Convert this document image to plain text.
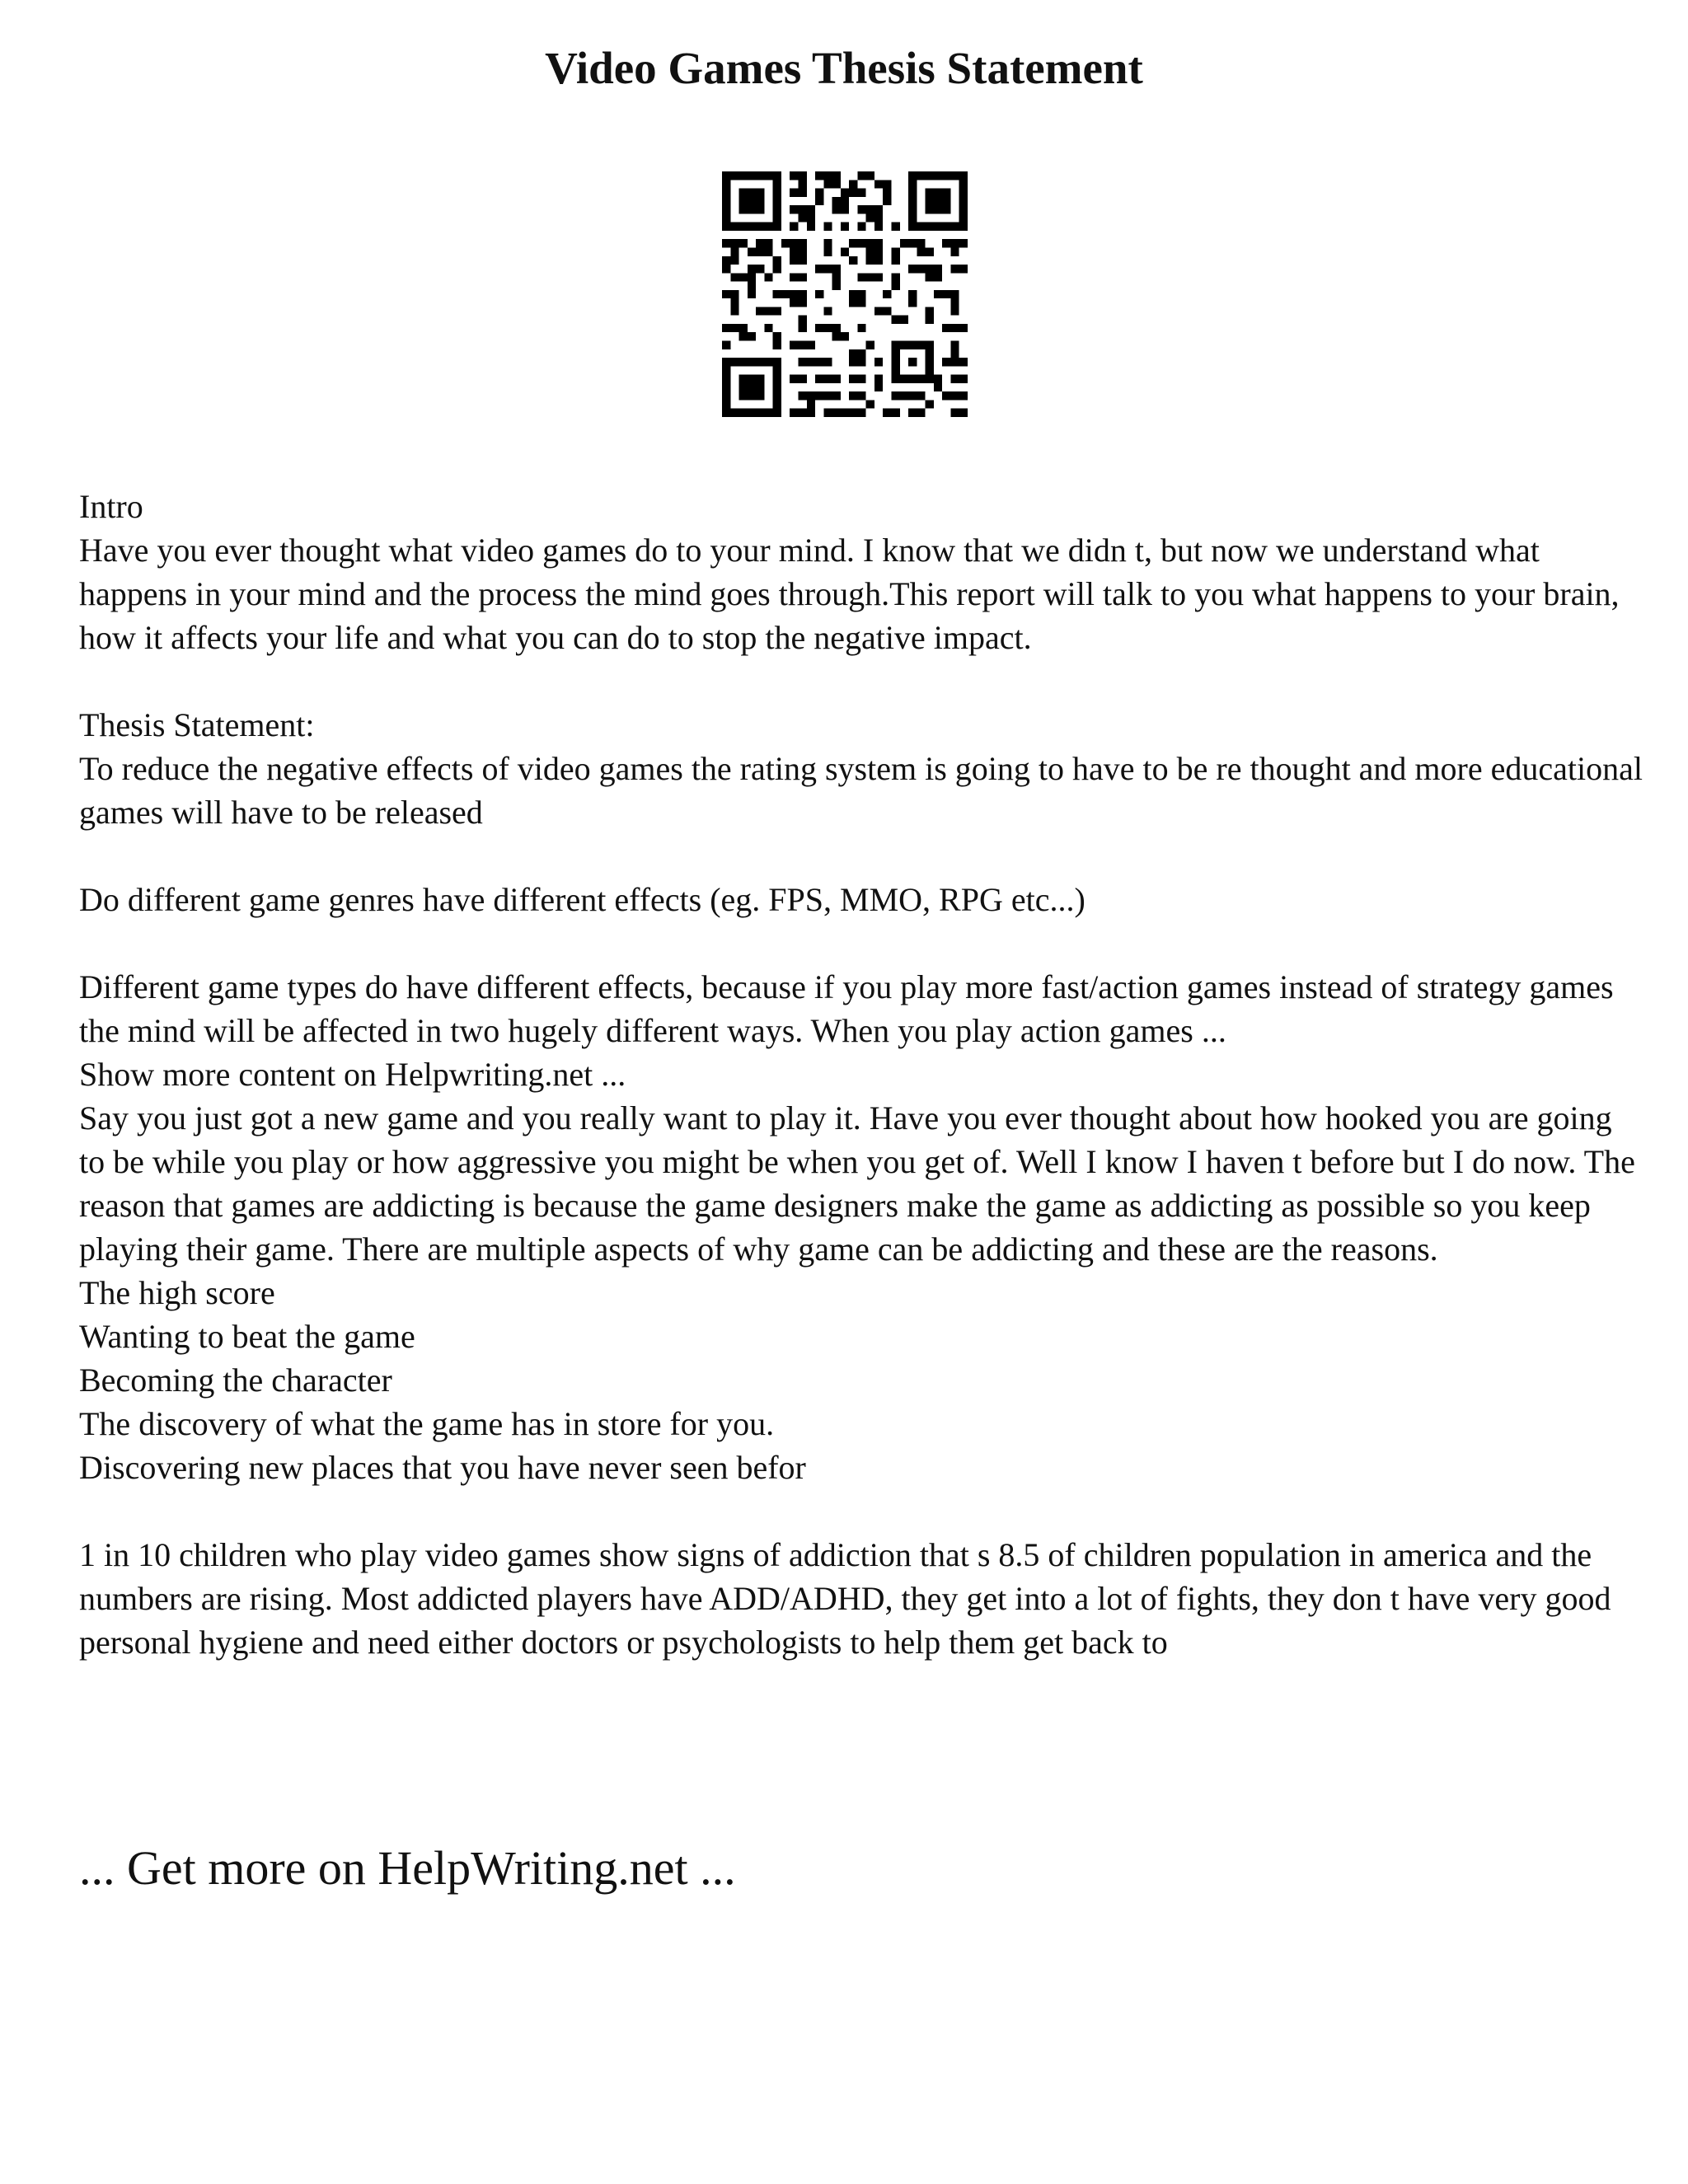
Video Games Thesis Statement

Intro

Have you ever thought what video games do to your mind. I know that we didn t, but now we understand what happens in your mind and the process the mind goes through.This report will talk to you what happens to your brain, how it affects your life and what you can do to stop the negative impact.

Thesis Statement:

To reduce the negative effects of video games the rating system is going to have to be re thought and more educational games will have to be released

Do different game genres have different effects (eg. FPS, MMO, RPG etc...)

Different game types do have different effects, because if you play more fast/action games instead of strategy games the mind will be affected in two hugely different ways. When you play action games ...

Show more content on Helpwriting.net ...

Say you just got a new game and you really want to play it. Have you ever thought about how hooked you are going to be while you play or how aggressive you might be when you get of. Well I know I haven t before but I do now. The reason that games are addicting is because the game designers make the game as addicting as possible so you keep playing their game. There are multiple aspects of why game can be addicting and these are the reasons.

The high score

Wanting to beat the game

Becoming the character

The discovery of what the game has in store for you.

Discovering new places that you have never seen befor

1 in 10 children who play video games show signs of addiction that s 8.5 of children population in america and the numbers are rising. Most addicted players have ADD/ADHD, they get into a lot of fights, they don t have very good personal hygiene and need either doctors or psychologists to help them get back to

... Get more on HelpWriting.net ...
